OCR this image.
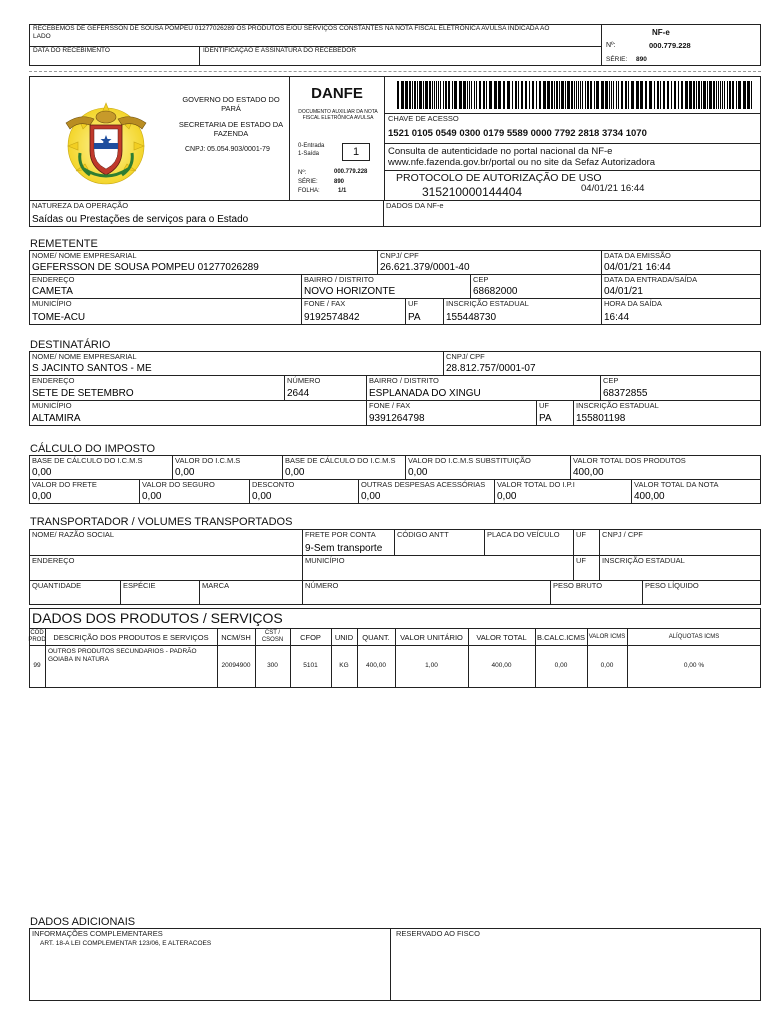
RECEBEMOS DE GEFERSSON DE SOUSA POMPEU 01277026289 OS PRODUTOS E/OU SERVIÇOS CONSTANTES NA NOTA FISCAL ELETRÔNICA AVULSA INDICADA AO LADO
DATA DO RECEBIMENTO	IDENTIFICAÇÃO E ASSINATURA DO RECEBEDOR
NF-e
Nº:	000.779.228
SÉRIE: 890
GOVERNO DO ESTADO DO PARÁ
SECRETARIA DE ESTADO DA FAZENDA
CNPJ: 05.054.903/0001-79
DANFE
DOCUMENTO AUXILIAR DA NOTA FISCAL ELETRÔNICA AVULSA
0-Entrada
1-Saída	1
Nº:	000.779.228
SÉRIE:	890
FOLHA:	1/1
CHAVE DE ACESSO
1521 0105 0549 0300 0179 5589 0000 7792 2818 3734 1070
Consulta de autenticidade no portal nacional da NF-e
www.nfe.fazenda.gov.br/portal ou no site da Sefaz Autorizadora
PROTOCOLO DE AUTORIZAÇÃO DE USO
315210000144404	04/01/21 16:44
NATUREZA DA OPERAÇÃO
Saídas ou Prestações de serviços para o Estado
DADOS DA NF-e
REMETENTE
NOME/ NOME EMPRESARIAL
GEFERSSON DE SOUSA POMPEU 01277026289
CNPJ/ CPF
26.621.379/0001-40
DATA DA EMISSÃO
04/01/21 16:44
ENDEREÇO
CAMETA
BAIRRO / DISTRITO
NOVO HORIZONTE
CEP
68682000
DATA DA ENTRADA/SAÍDA
04/01/21
MUNICÍPIO
TOME-ACU
FONE / FAX
9192574842
UF
PA
INSCRIÇÃO ESTADUAL
155448730
HORA DA SAÍDA
16:44
DESTINATÁRIO
NOME/ NOME EMPRESARIAL
S JACINTO SANTOS - ME
CNPJ/ CPF
28.812.757/0001-07
ENDEREÇO
SETE DE SETEMBRO
NÚMERO
2644
BAIRRO / DISTRITO
ESPLANADA DO XINGU
CEP
68372855
MUNICÍPIO
ALTAMIRA
FONE / FAX
9391264798
UF
PA
INSCRIÇÃO ESTADUAL
155801198
CÁLCULO DO IMPOSTO
BASE DE CÁLCULO DO I.C.M.S
0,00
VALOR DO I.C.M.S
0,00
BASE DE CÁLCULO DO I.C.M.S
0,00
VALOR DO I.C.M.S SUBSTITUIÇÃO
0,00
VALOR TOTAL DOS PRODUTOS
400,00
VALOR DO FRETE
0,00
VALOR DO SEGURO
0,00
DESCONTO
0,00
OUTRAS DESPESAS ACESSÓRIAS
0,00
VALOR TOTAL DO I.P.I
0,00
VALOR TOTAL DA NOTA
400,00
TRANSPORTADOR / VOLUMES TRANSPORTADOS
NOME/ RAZÃO SOCIAL	FRETE POR CONTA
9-Sem transporte
CÓDIGO ANTT	PLACA DO VEÍCULO UF CNPJ / CPF
ENDEREÇO	MUNICÍPIO	UF INSCRIÇÃO ESTADUAL
QUANTIDADE	ESPÉCIE	MARCA	NÚMERO	PESO BRUTO	PESO LÍQUIDO
DADOS DOS PRODUTOS / SERVIÇOS
CÓD PROD
99
DESCRIÇÃO DOS PRODUTOS E SERVIÇOS
OUTROS PRODUTOS SECUNDARIOS - PADRÃO GOIABA IN NATURA
NCM/SH
20094900
CST / CSOSN
300
CFOP
5101
UNID
KG
QUANT.
400,00
VALOR UNITÁRIO
1,00
VALOR TOTAL
400,00
B.CALC.ICMS
0,00
VALOR ICMS
0,00
ALÍQUOTAS ICMS
0,00 %
DADOS ADICIONAIS
INFORMAÇÕES COMPLEMENTARES
ART. 18-A LEI COMPLEMENTAR 123/06, E ALTERACOES
RESERVADO AO FISCO
